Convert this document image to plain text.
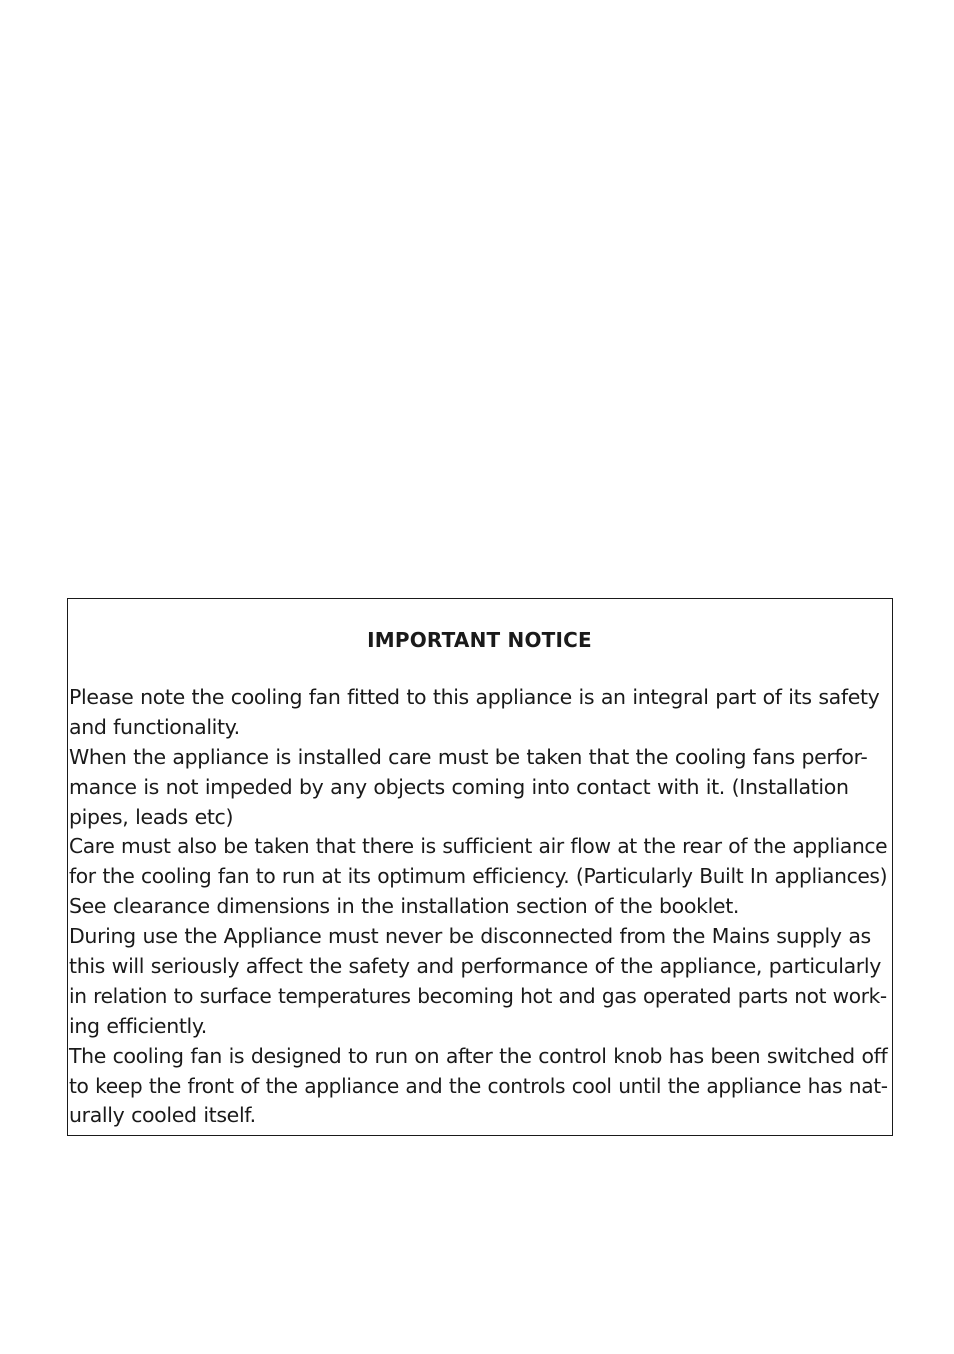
IMPORTANT NOTICE
Please note the cooling fan fitted to this appliance is an integral part of its safety
and functionality.
When the appliance is installed care must be taken that the cooling fans perfor-
mance is not impeded by any objects coming into contact with it. (Installation
pipes, leads etc)
Care must also be taken that there is sufficient air flow at the rear of the appliance
for the cooling fan to run at its optimum efficiency. (Particularly Built In appliances)
See clearance dimensions in the installation section of the booklet.
During use the Appliance must never be disconnected from the Mains supply as
this will seriously affect the safety and performance of the appliance, particularly
in relation to surface temperatures becoming hot and gas operated parts not work-
ing efficiently.
The cooling fan is designed to run on after the control knob has been switched off
to keep the front of the appliance and the controls cool until the appliance has nat-
urally cooled itself.
